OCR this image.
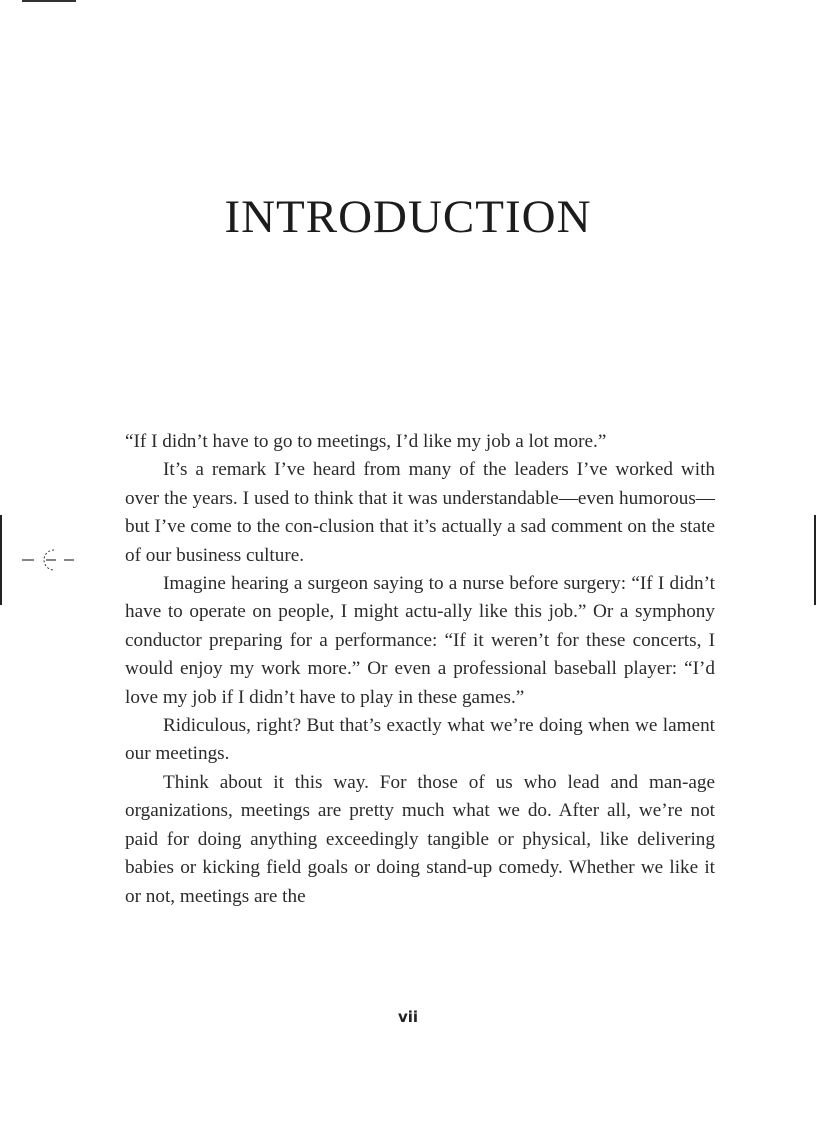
INTRODUCTION

“If I didn’t have to go to meetings, I’d like my job a lot more.”

It’s a remark I’ve heard from many of the leaders I’ve worked with over the years. I used to think that it was understandable—even humorous—but I’ve come to the con-clusion that it’s actually a sad comment on the state of our business culture.

Imagine hearing a surgeon saying to a nurse before surgery: “If I didn’t have to operate on people, I might actu-ally like this job.” Or a symphony conductor preparing for a performance: “If it weren’t for these concerts, I would enjoy my work more.” Or even a professional baseball player: “I’d love my job if I didn’t have to play in these games.”

Ridiculous, right? But that’s exactly what we’re doing when we lament our meetings.

Think about it this way. For those of us who lead and man-age organizations, meetings are pretty much what we do. After all, we’re not paid for doing anything exceedingly tangible or physical, like delivering babies or kicking field goals or doing stand-up comedy. Whether we like it or not, meetings are the

vii
